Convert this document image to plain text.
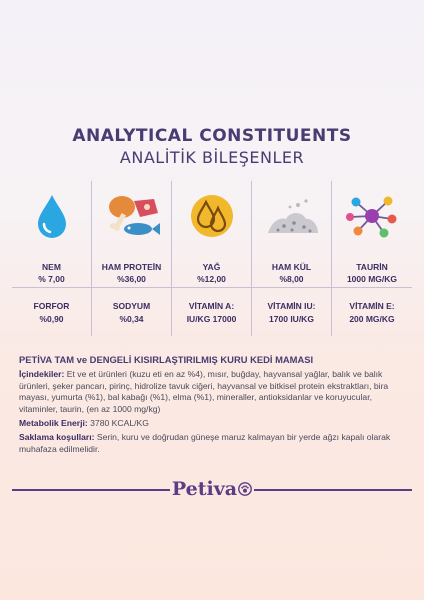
ANALYTICAL CONSTITUENTS
ANALİTİK BİLEŞENLER
NEM
% 7,00
HAM PROTEİN
%36,00
YAĞ
%12,00
HAM KÜL
%8,00
TAURİN
1000 MG/KG
FORFOR
%0,90
SODYUM
%0,34
VİTAMİN A:
IU/KG 17000
VİTAMİN IU:
1700 IU/KG
VİTAMİN E:
200 MG/KG
PETİVA TAM ve DENGELİ KISIRLAŞTIRILMIŞ KURU KEDİ MAMASI
İçindekiler: Et ve et ürünleri (kuzu eti en az %4), mısır, buğday, hayvansal yağlar, balık ve balık ürünleri, şeker pancarı, pirinç, hidrolize tavuk ciğeri, hayvansal ve bitkisel protein ekstraktları, bira mayası, yumurta (%1), bal kabağı (%1), elma (%1), mineraller, antioksidanlar ve koruyucular, vitaminler, taurin, (en az 1000 mg/kg)
Metabolik Enerji: 3780 KCAL/KG
Saklama koşulları: Serin, kuru ve doğrudan güneşe maruz kalmayan bir yerde ağzı kapalı olarak muhafaza edilmelidir.
Petiva
